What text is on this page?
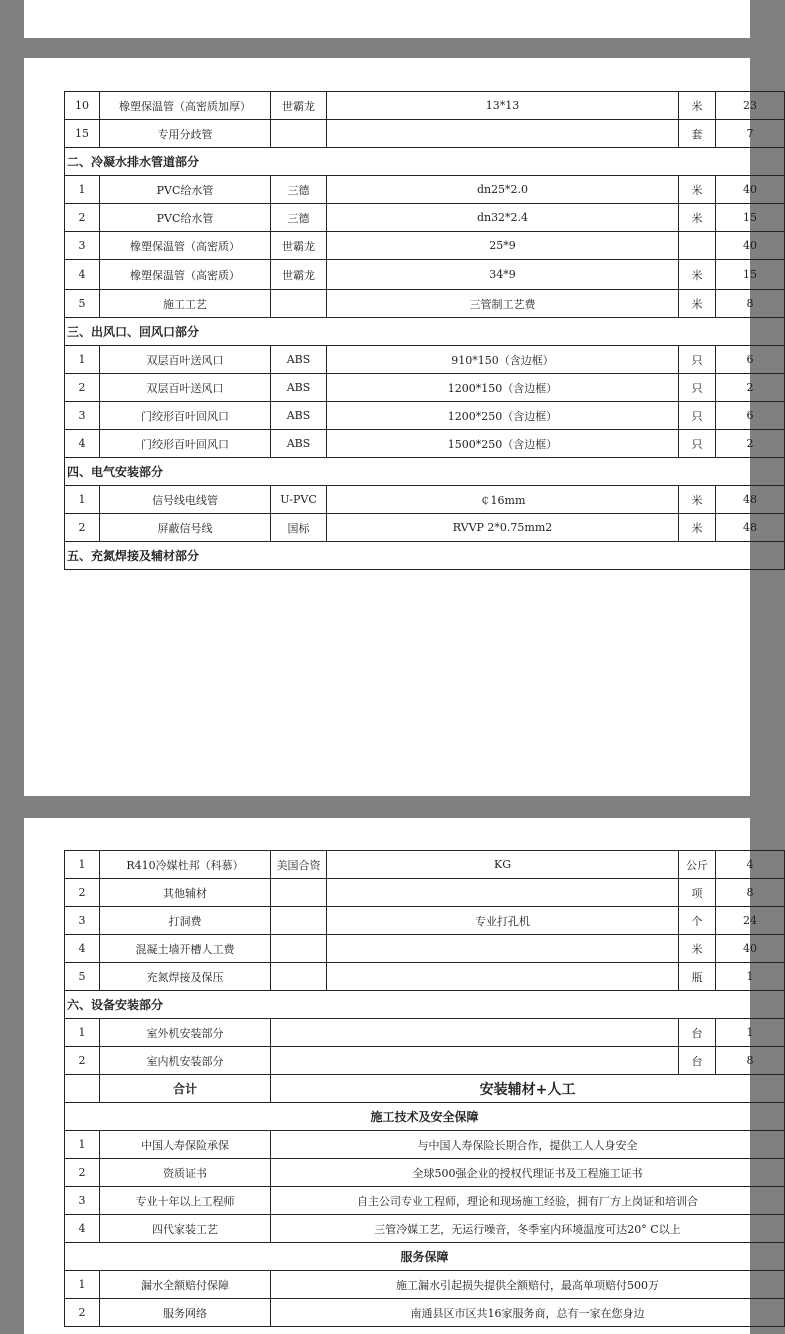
10	橡塑保温管（高密质加厚）	世霸龙	13*13	米	23
15	专用分歧管			套	7
二、冷凝水排水管道部分					
1	PVC给水管	三德	dn25*2.0	米	40
2	PVC给水管	三德	dn32*2.4	米	15
3	橡塑保温管（高密质）	世霸龙	25*9		40
4	橡塑保温管（高密质）	世霸龙	34*9	米	15
5	施工工艺		三管制工艺费	米	8
三、出风口、回风口部分					
1	双层百叶送风口	ABS	910*150（含边框）	只	6
2	双层百叶送风口	ABS	1200*150（含边框）	只	2
3	门绞形百叶回风口	ABS	1200*250（含边框）	只	6
4	门绞形百叶回风口	ABS	1500*250（含边框）	只	2
四、电气安装部分					
1	信号线电线管	U-PVC	￠16mm	米	48
2	屏蔽信号线	国标	RVVP 2*0.75mm2	米	48
五、充氮焊接及辅材部分					
1	R410冷媒杜邦（科慕）	美国合资	KG	公斤	4
2	其他辅材			项	8
3	打洞费		专业打孔机	个	24
4	混凝土墙开槽人工费			米	40
5	充氮焊接及保压			瓶	1
六、设备安装部分					
1	室外机安装部分			台	1
2	室内机安装部分			台	8
	合计	安装辅材+人工			
施工技术及安全保障					
1	中国人寿保险承保	与中国人寿保险长期合作，提供工人人身安全			
2	资质证书	全球500强企业的授权代理证书及工程施工证书			
3	专业十年以上工程师	自主公司专业工程师，理论和现场施工经验，拥有厂方上岗证和培训合			
4	四代家装工艺	三管冷媒工艺，无运行噪音，冬季室内环境温度可达20° C以上			
服务保障					
1	漏水全额赔付保障	施工漏水引起损失提供全额赔付，最高单项赔付500万			
2	服务网络	南通县区市区共16家服务商，总有一家在您身边			
